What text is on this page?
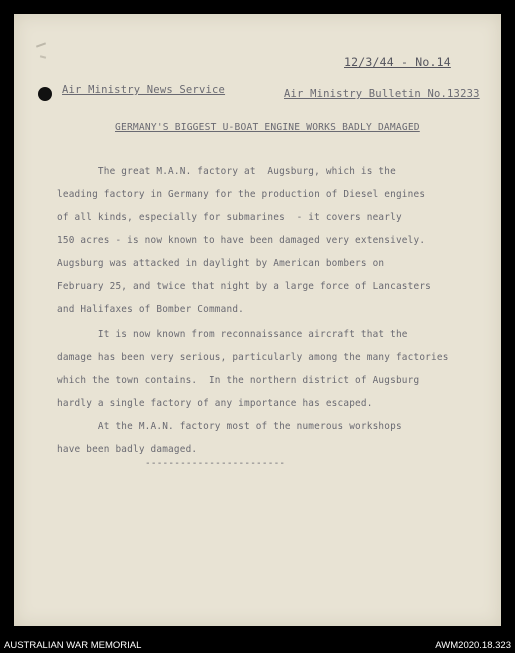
12/3/44 - No.14
Air Ministry News Service	Air Ministry Bulletin No.13233
GERMANY'S BIGGEST U-BOAT ENGINE WORKS BADLY DAMAGED

The great M.A.N. factory at  Augsburg, which is the

leading factory in Germany for the production of Diesel engines

of all kinds, especially for submarines  - it covers nearly

150 acres - is now known to have been damaged very extensively.

Augsburg was attacked in daylight by American bombers on

February 25, and twice that night by a large force of Lancasters

and Halifaxes of Bomber Command.

It is now known from reconnaissance aircraft that the

damage has been very serious, particularly among the many factories

which the town contains.  In the northern district of Augsburg

hardly a single factory of any importance has escaped.

At the M.A.N. factory most of the numerous workshops

have been badly damaged.

------------------------
AUSTRALIAN WAR MEMORIAL	AWM2020.18.323
